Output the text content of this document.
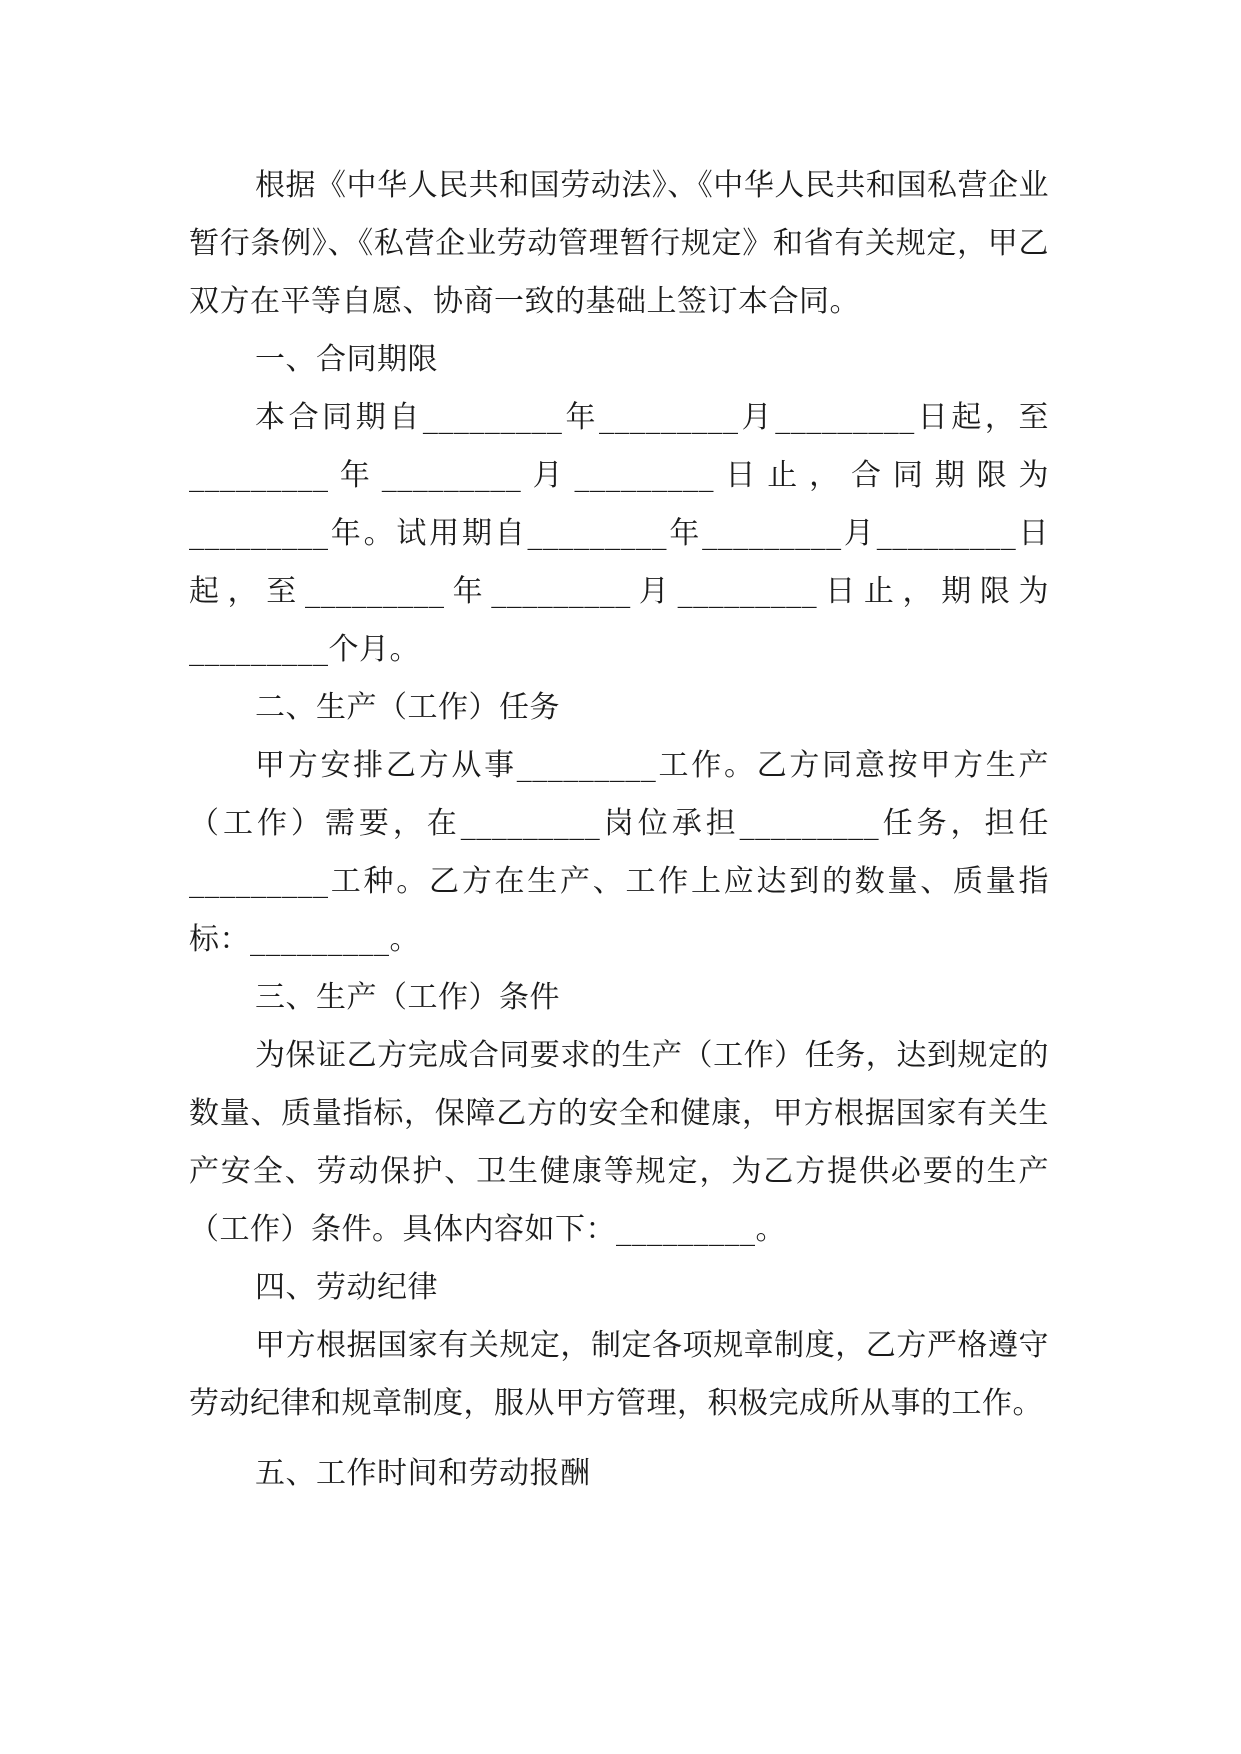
根据《中华人民共和国劳动法》、《中华人民共和国私营企业暂行条例》、《私营企业劳动管理暂行规定》和省有关规定，甲乙双方在平等自愿、协商一致的基础上签订本合同。

一、合同期限

本合同期自_________年_________月_________日起，至_________年_________月_________日止，合同期限为_________年。试用期自_________年_________月_________日起，至_________年_________月_________日止，期限为_________个月。

二、生产（工作）任务

甲方安排乙方从事_________工作。乙方同意按甲方生产（工作）需要，在_________岗位承担_________任务，担任_________工种。乙方在生产、工作上应达到的数量、质量指标：_________。

三、生产（工作）条件

为保证乙方完成合同要求的生产（工作）任务，达到规定的数量、质量指标，保障乙方的安全和健康，甲方根据国家有关生产安全、劳动保护、卫生健康等规定，为乙方提供必要的生产（工作）条件。具体内容如下：_________。

四、劳动纪律

甲方根据国家有关规定，制定各项规章制度，乙方严格遵守劳动纪律和规章制度，服从甲方管理，积极完成所从事的工作。

五、工作时间和劳动报酬
